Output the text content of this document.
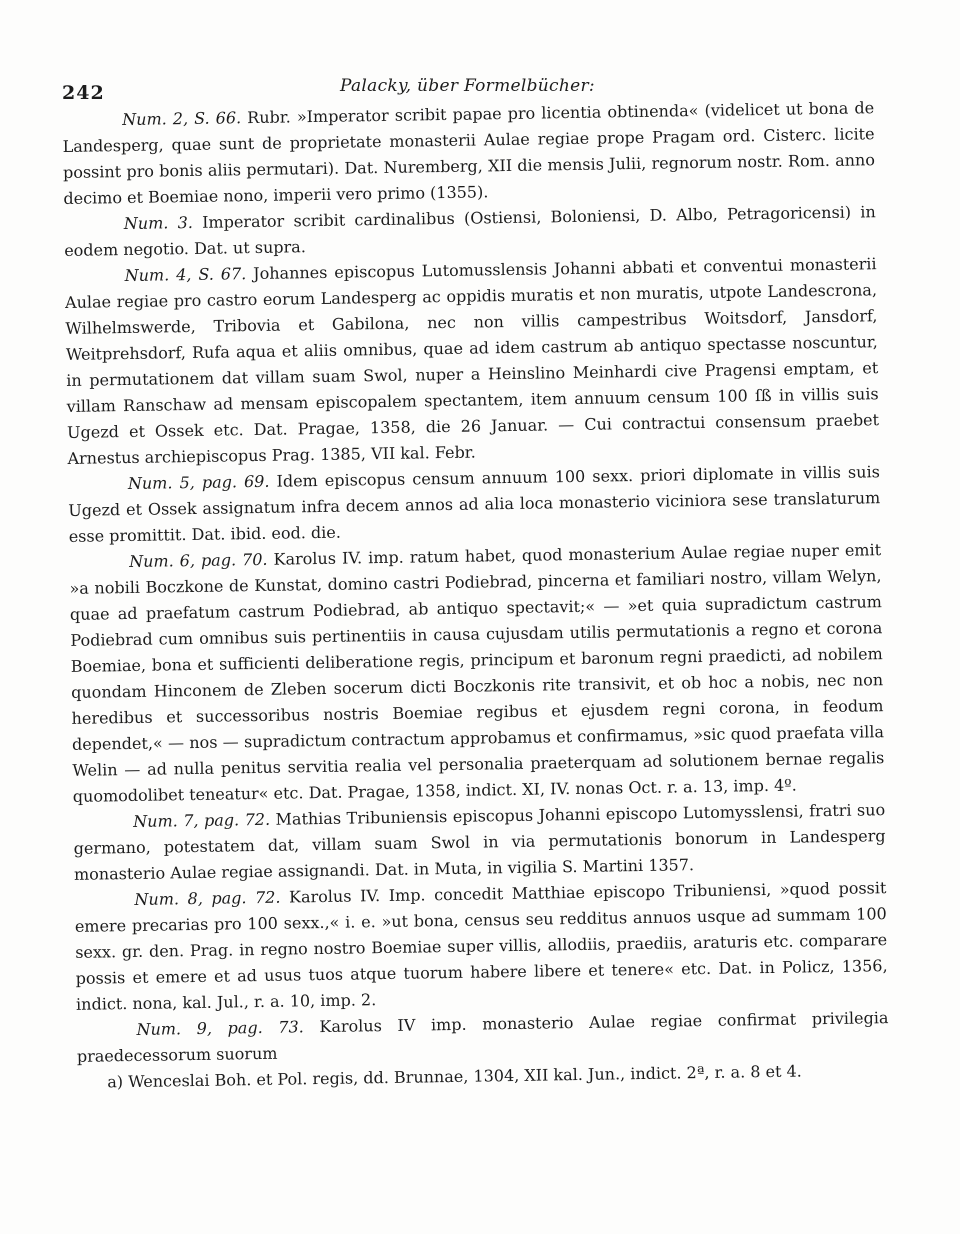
242	Palacky, über Formelbücher:

Num. 2, S. 66. Rubr. »Imperator scribit papae pro licentia obtinenda« (videlicet ut bona de Landesperg, quae sunt de proprietate monasterii Aulae regiae prope Pragam ord. Cisterc. licite possint pro bonis aliis permutari). Dat. Nuremberg, XII die mensis Julii, regnorum nostr. Rom. anno decimo et Boemiae nono, imperii vero primo (1355).

Num. 3. Imperator scribit cardinalibus (Ostiensi, Boloniensi, D. Albo, Petragoricensi) in eodem negotio. Dat. ut supra.

Num. 4, S. 67. Johannes episcopus Lutomusslensis Johanni abbati et conventui monasterii Aulae regiae pro castro eorum Landesperg ac oppidis muratis et non muratis, utpote Landescrona, Wilhelmswerde, Tribovia et Gabilona, nec non villis campestribus Woitsdorf, Jansdorf, Weitprehsdorf, Rufa aqua et aliis omnibus, quae ad idem castrum ab antiquo spectasse noscuntur, in permutationem dat villam suam Swol, nuper a Heinslino Meinhardi cive Pragensi emptam, et villam Ranschaw ad mensam episcopalem spectantem, item annuum censum 100 ſß in villis suis Ugezd et Ossek etc. Dat. Pragae, 1358, die 26 Januar. — Cui contractui consensum praebet Arnestus archiepiscopus Prag. 1385, VII kal. Febr.

Num. 5, pag. 69. Idem episcopus censum annuum 100 sexx. priori diplomate in villis suis Ugezd et Ossek assignatum infra decem annos ad alia loca monasterio viciniora sese translaturum esse promittit. Dat. ibid. eod. die.

Num. 6, pag. 70. Karolus IV. imp. ratum habet, quod monasterium Aulae regiae nuper emit »a nobili Boczkone de Kunstat, domino castri Podiebrad, pincerna et familiari nostro, villam Welyn, quae ad praefatum castrum Podiebrad, ab antiquo spectavit;« — »et quia supradictum castrum Podiebrad cum omnibus suis pertinentiis in causa cujusdam utilis permutationis a regno et corona Boemiae, bona et sufficienti deliberatione regis, principum et baronum regni praedicti, ad nobilem quondam Hinconem de Zleben socerum dicti Boczkonis rite transivit, et ob hoc a nobis, nec non heredibus et successoribus nostris Boemiae regibus et ejusdem regni corona, in feodum dependet,« — nos — supradictum contractum approbamus et confirmamus, »sic quod praefata villa Welin — ad nulla penitus servitia realia vel personalia praeterquam ad solutionem bernae regalis quomodolibet teneatur« etc. Dat. Pragae, 1358, indict. XI, IV. nonas Oct. r. a. 13, imp. 4º.

Num. 7, pag. 72. Mathias Tribuniensis episcopus Johanni episcopo Lutomysslensi, fratri suo germano, potestatem dat, villam suam Swol in via permutationis bonorum in Landesperg monasterio Aulae regiae assignandi. Dat. in Muta, in vigilia S. Martini 1357.

Num. 8, pag. 72. Karolus IV. Imp. concedit Matthiae episcopo Tribuniensi, »quod possit emere precarias pro 100 sexx.,« i. e. »ut bona, census seu redditus annuos usque ad summam 100 sexx. gr. den. Prag. in regno nostro Boemiae super villis, allodiis, praediis, araturis etc. comparare possis et emere et ad usus tuos atque tuorum habere libere et tenere« etc. Dat. in Policz, 1356, indict. nona, kal. Jul., r. a. 10, imp. 2.

Num. 9, pag. 73. Karolus IV imp. monasterio Aulae regiae confirmat privilegia praedecessorum suorum

a) Wenceslai Boh. et Pol. regis, dd. Brunnae, 1304, XII kal. Jun., indict. 2ª, r. a. 8 et 4.
